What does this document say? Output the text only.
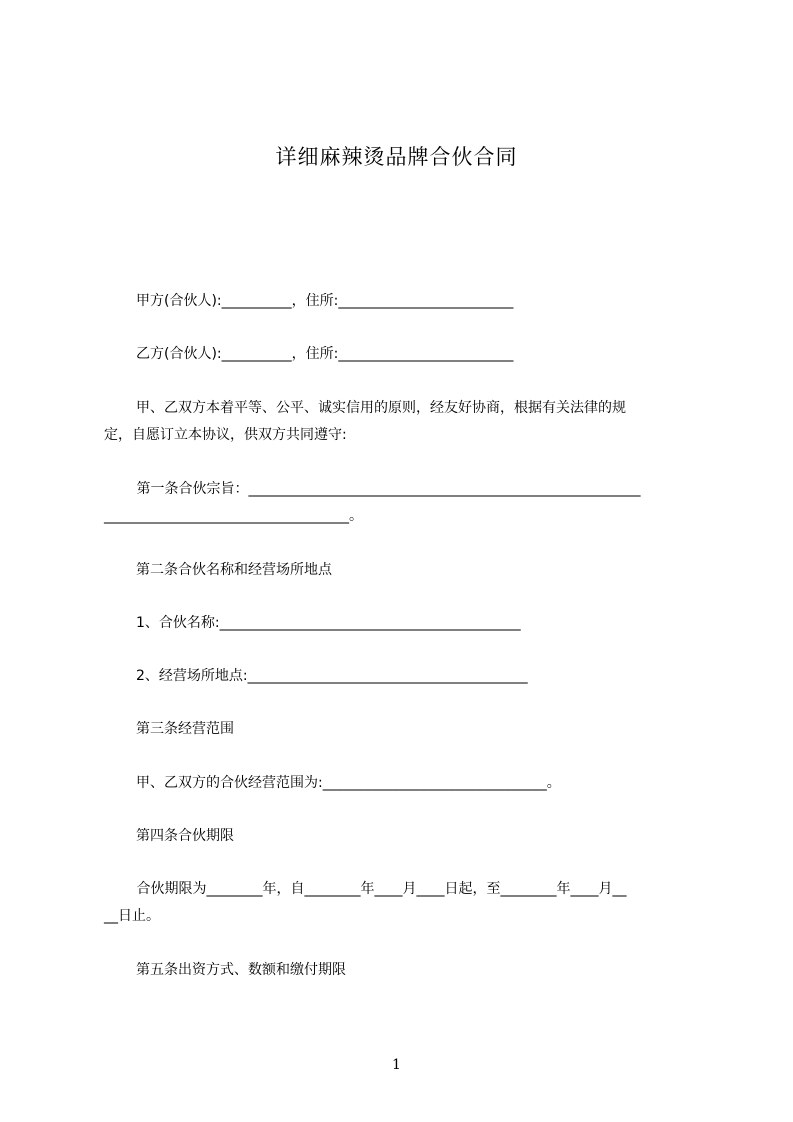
详细麻辣烫品牌合伙合同
甲方(合伙人):__________，住所:_________________________
乙方(合伙人):__________，住所:_________________________
甲、乙双方本着平等、公平、诚实信用的原则，经友好协商，根据有关法律的规
定，自愿订立本协议，供双方共同遵守:
第一条合伙宗旨：________________________________________________________
___________________________________。
第二条合伙名称和经营场所地点
1、合伙名称:___________________________________________
2、经营场所地点:________________________________________
第三条经营范围
甲、乙双方的合伙经营范围为:________________________________。
第四条合伙期限
合伙期限为________年，自________年____月____日起，至________年____月__
__日止。
第五条出资方式、数额和缴付期限
1
